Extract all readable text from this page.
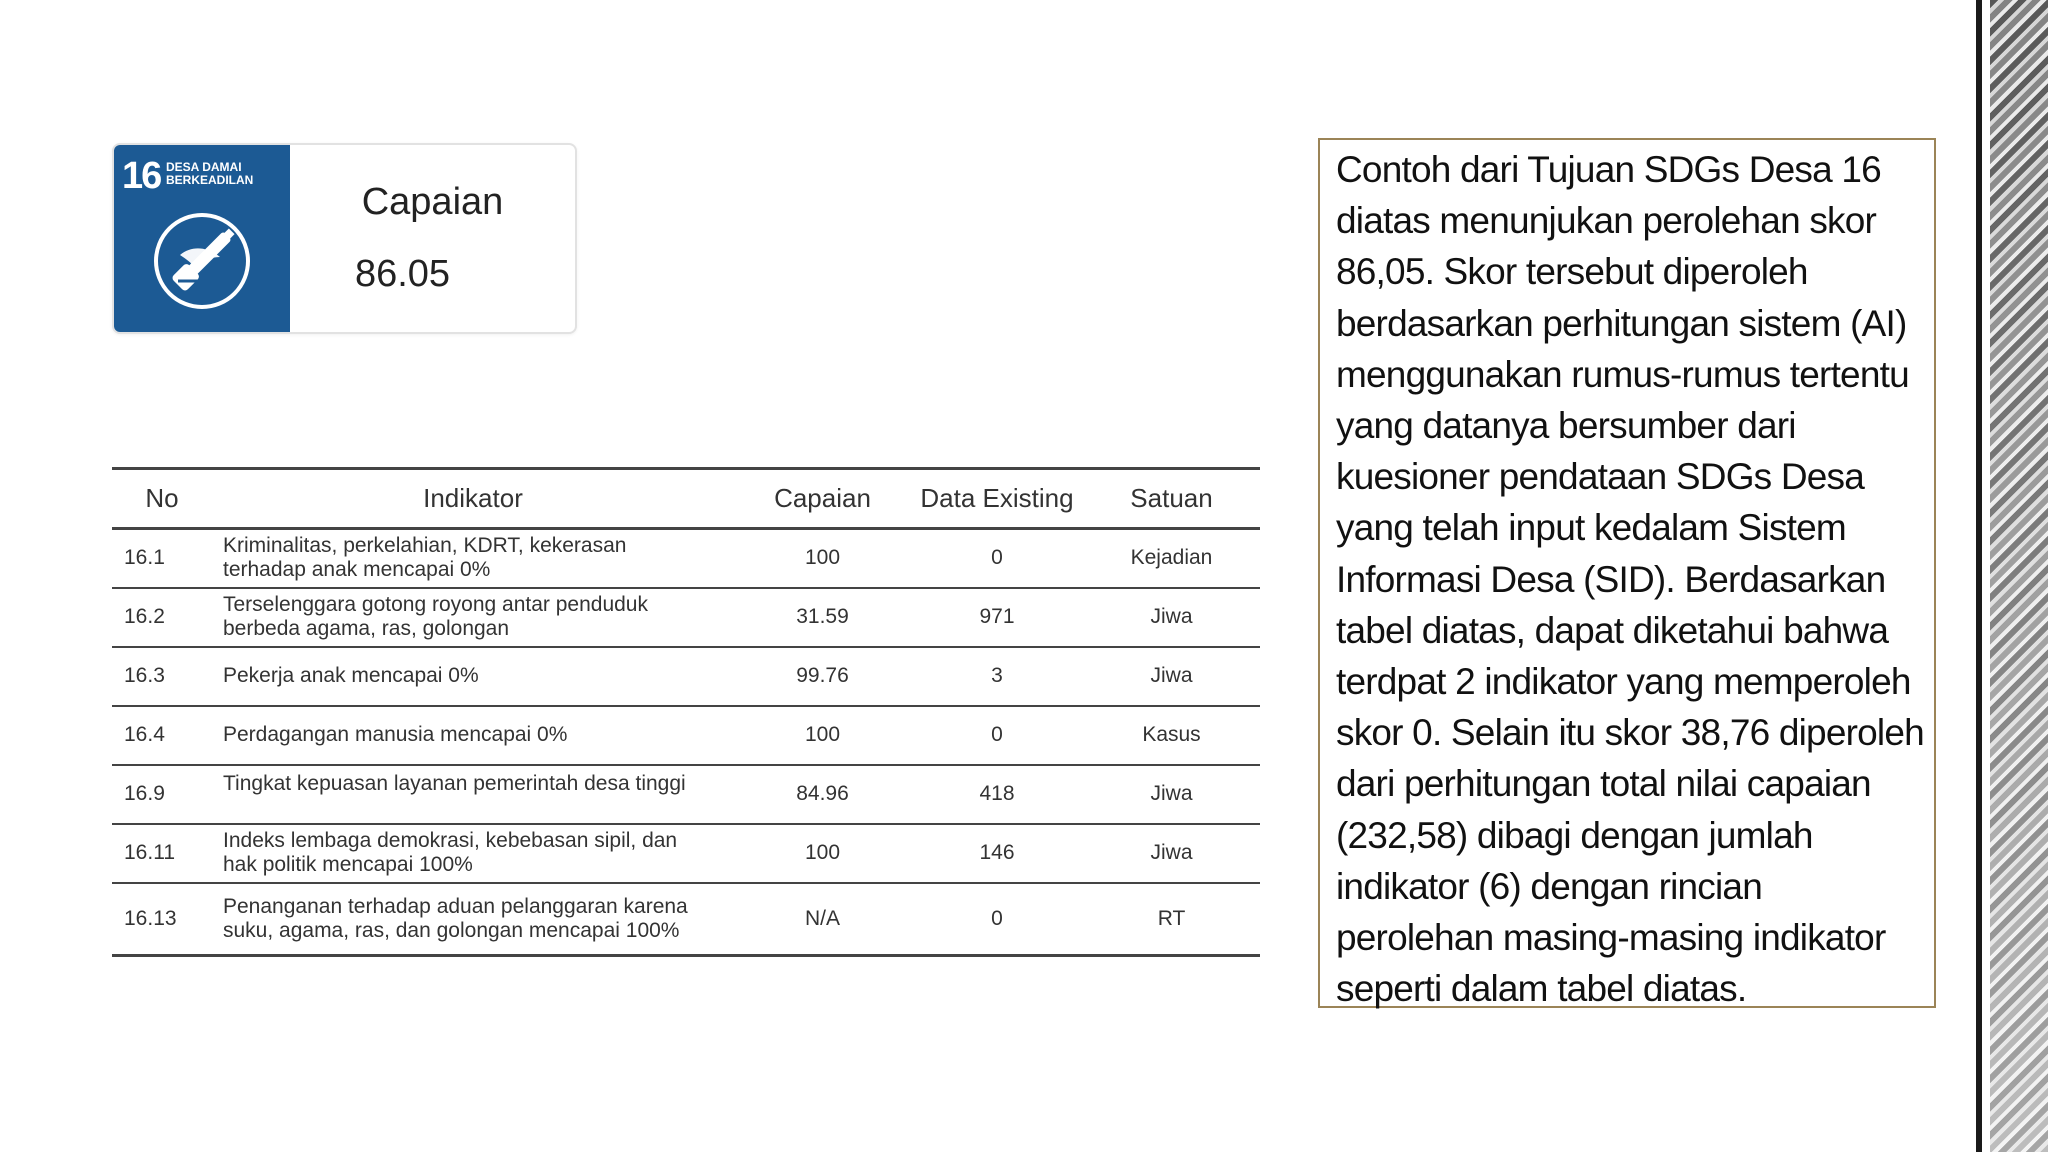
16 DESA DAMAI
BERKEADILAN
Capaian
86.05
No	Indikator	Capaian	Data Existing	Satuan
16.1	Kriminalitas, perkelahian, KDRT, kekerasan
terhadap anak mencapai 0%	100	0	Kejadian
16.2	Terselenggara gotong royong antar penduduk
berbeda agama, ras, golongan	31.59	971	Jiwa
16.3	Pekerja anak mencapai 0%	99.76	3	Jiwa
16.4	Perdagangan manusia mencapai 0%	100	0	Kasus
16.9	Tingkat kepuasan layanan pemerintah desa tinggi	84.96	418	Jiwa
16.11	Indeks lembaga demokrasi, kebebasan sipil, dan
hak politik mencapai 100%	100	146	Jiwa
16.13	Penanganan terhadap aduan pelanggaran karena
suku, agama, ras, dan golongan mencapai 100%	N/A	0	RT

Contoh dari Tujuan SDGs Desa 16

diatas menunjukan perolehan skor

86,05. Skor tersebut diperoleh

berdasarkan perhitungan sistem (AI)

menggunakan rumus-rumus tertentu

yang datanya bersumber dari

kuesioner pendataan SDGs Desa

yang telah input kedalam Sistem

Informasi Desa (SID). Berdasarkan

tabel diatas, dapat diketahui bahwa

terdpat 2 indikator yang memperoleh

skor 0. Selain itu skor 38,76 diperoleh

dari perhitungan total nilai capaian

(232,58) dibagi dengan jumlah

indikator (6) dengan rincian

perolehan masing-masing indikator

seperti dalam tabel diatas.
